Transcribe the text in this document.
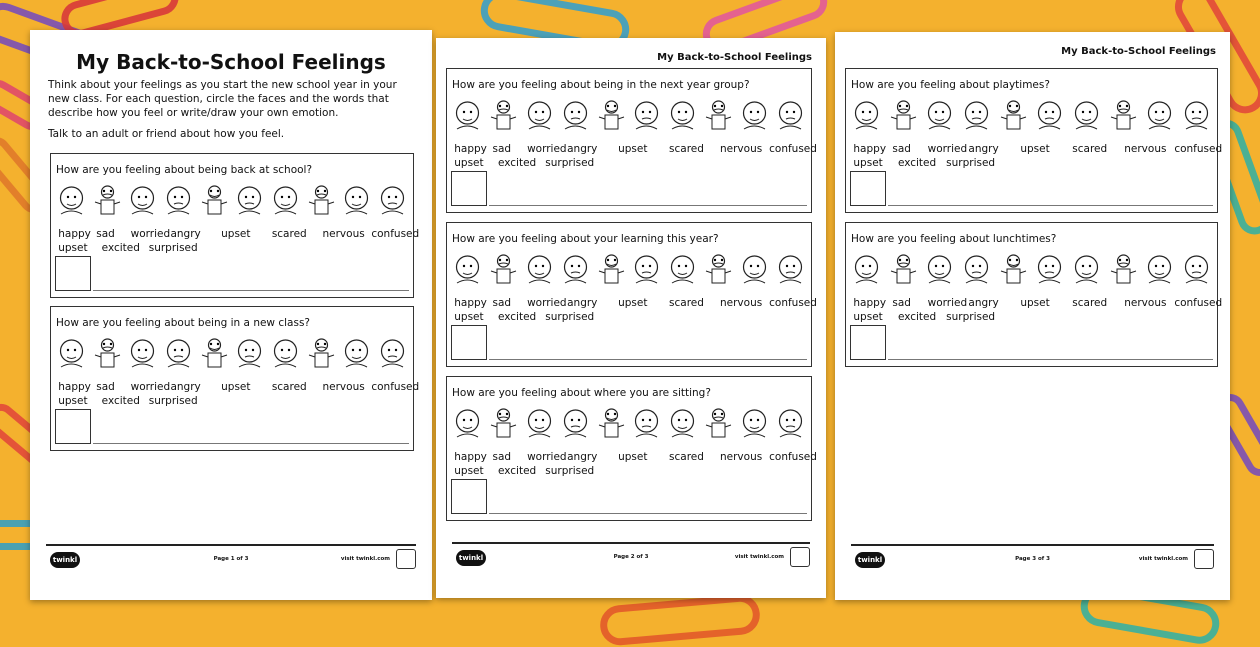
My Back-to-School Feelings
Think about your feelings as you start the new school year in your new class. For each question, circle the faces and the words that describe how you feel or write/draw your own emotion.
Talk to an adult or friend about how you feel.
How are you feeling about being back at school?
happy sad worried angry upset scared nervous confused
upset excited surprised
How are you feeling about being in a new class?
happy sad worried angry upset scared nervous confused
upset excited surprised
twinkl	Page 1 of 3	visit twinkl.com
My Back-to-School Feelings
How are you feeling about being in the next year group?
happy sad worried angry upset scared nervous confused
upset excited surprised
How are you feeling about your learning this year?
happy sad worried angry upset scared nervous confused
upset excited surprised
How are you feeling about where you are sitting?
happy sad worried angry upset scared nervous confused
upset excited surprised
twinkl	Page 2 of 3	visit twinkl.com
My Back-to-School Feelings
How are you feeling about playtimes?
happy sad worried angry upset scared nervous confused
upset excited surprised
How are you feeling about lunchtimes?
happy sad worried angry upset scared nervous confused
upset excited surprised
twinkl	Page 3 of 3	visit twinkl.com
